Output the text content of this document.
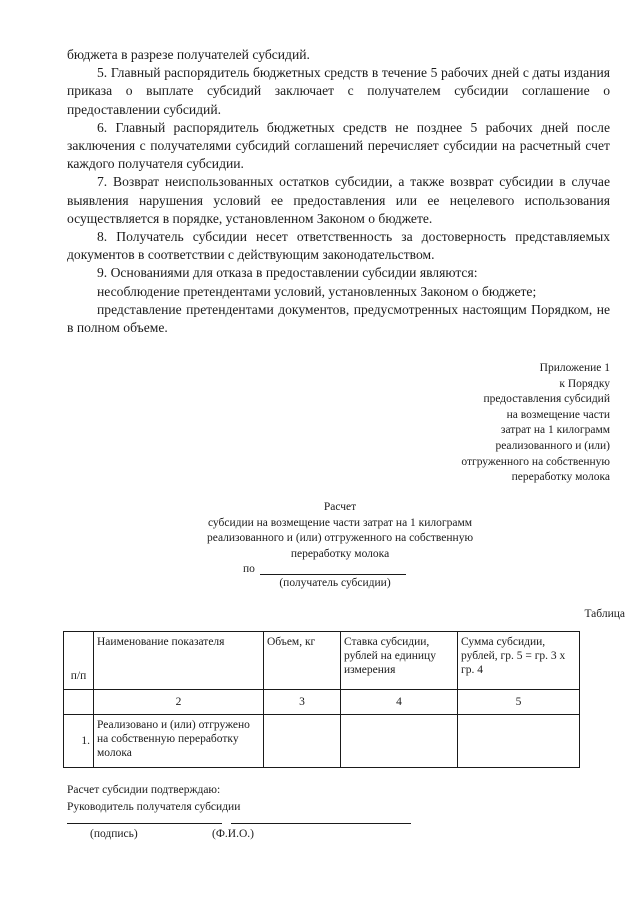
бюджета в разрезе получателей субсидий.

5. Главный распорядитель бюджетных средств в течение 5 рабочих дней с даты издания приказа о выплате субсидий заключает с получателем субсидии соглашение о предоставлении субсидий.

6. Главный распорядитель бюджетных средств не позднее 5 рабочих дней после заключения с получателями субсидий соглашений перечисляет субсидии на расчетный счет каждого получателя субсидии.

7. Возврат неиспользованных остатков субсидии, а также возврат субсидии в случае выявления нарушения условий ее предоставления или ее нецелевого использования осуществляется в порядке, установленном Законом о бюджете.

8. Получатель субсидии несет ответственность за достоверность представляемых документов в соответствии с действующим законодательством.

9. Основаниями для отказа в предоставлении субсидии являются:

несоблюдение претендентами условий, установленных Законом о бюджете;

представление претендентами документов, предусмотренных настоящим Порядком, не в полном объеме.

Приложение 1
к Порядку
предоставления субсидий
на возмещение части
затрат на 1 килограмм
реализованного и (или)
отгруженного на собственную
переработку молока
Расчет
субсидии на возмещение части затрат на 1 килограмм
реализованного и (или) отгруженного на собственную
переработку молока
по
(получатель субсидии)
Таблица
п/п	Наименование показателя	Объем, кг	Ставка субсидии, рублей на единицу измерения	Сумма субсидии, рублей, гр. 5 = гр. 3 x гр. 4
	2	3	4	5
1.	Реализовано и (или) отгружено на собственную переработку молока			
Расчет субсидии подтверждаю:
Руководитель получателя субсидии
(подпись)	(Ф.И.О.)
